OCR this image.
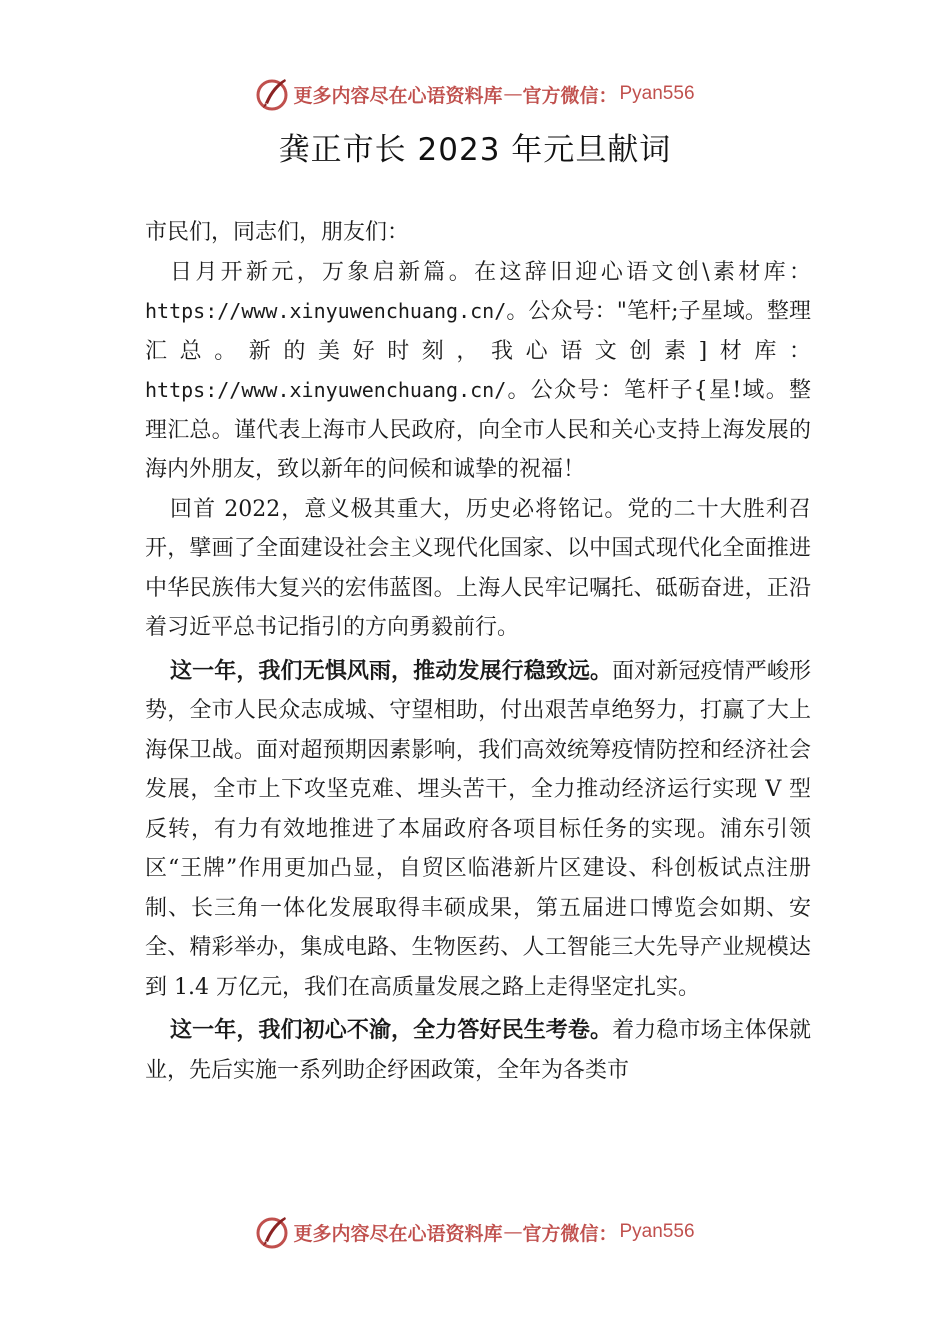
更多内容尽在心语资料库 — 官方微信： Pyan556
龚正市长 2023 年元旦献词

市民们，同志们，朋友们：

日月开新元，万象启新篇。在这辞旧迎心语文创\素材库：https://www.xinyuwenchuang.cn/。公众号："笔杆;子星域。整理汇总。新的美好时刻，我心语文创素]材库：https://www.xinyuwenchuang.cn/。公众号：笔杆子{星!域。整理汇总。谨代表上海市人民政府，向全市人民和关心支持上海发展的海内外朋友，致以新年的问候和诚挚的祝福！

回首 2022，意义极其重大，历史必将铭记。党的二十大胜利召开，擘画了全面建设社会主义现代化国家、以中国式现代化全面推进中华民族伟大复兴的宏伟蓝图。上海人民牢记嘱托、砥砺奋进，正沿着习近平总书记指引的方向勇毅前行。

这一年，我们无惧风雨，推动发展行稳致远。面对新冠疫情严峻形势，全市人民众志成城、守望相助，付出艰苦卓绝努力，打赢了大上海保卫战。面对超预期因素影响，我们高效统筹疫情防控和经济社会发展，全市上下攻坚克难、埋头苦干，全力推动经济运行实现 V 型反转，有力有效地推进了本届政府各项目标任务的实现。浦东引领区“王牌”作用更加凸显，自贸区临港新片区建设、科创板试点注册制、长三角一体化发展取得丰硕成果，第五届进口博览会如期、安全、精彩举办，集成电路、生物医药、人工智能三大先导产业规模达到 1.4 万亿元，我们在高质量发展之路上走得坚定扎实。

这一年，我们初心不渝，全力答好民生考卷。着力稳市场主体保就业，先后实施一系列助企纾困政策，全年为各类市

更多内容尽在心语资料库 — 官方微信： Pyan556
